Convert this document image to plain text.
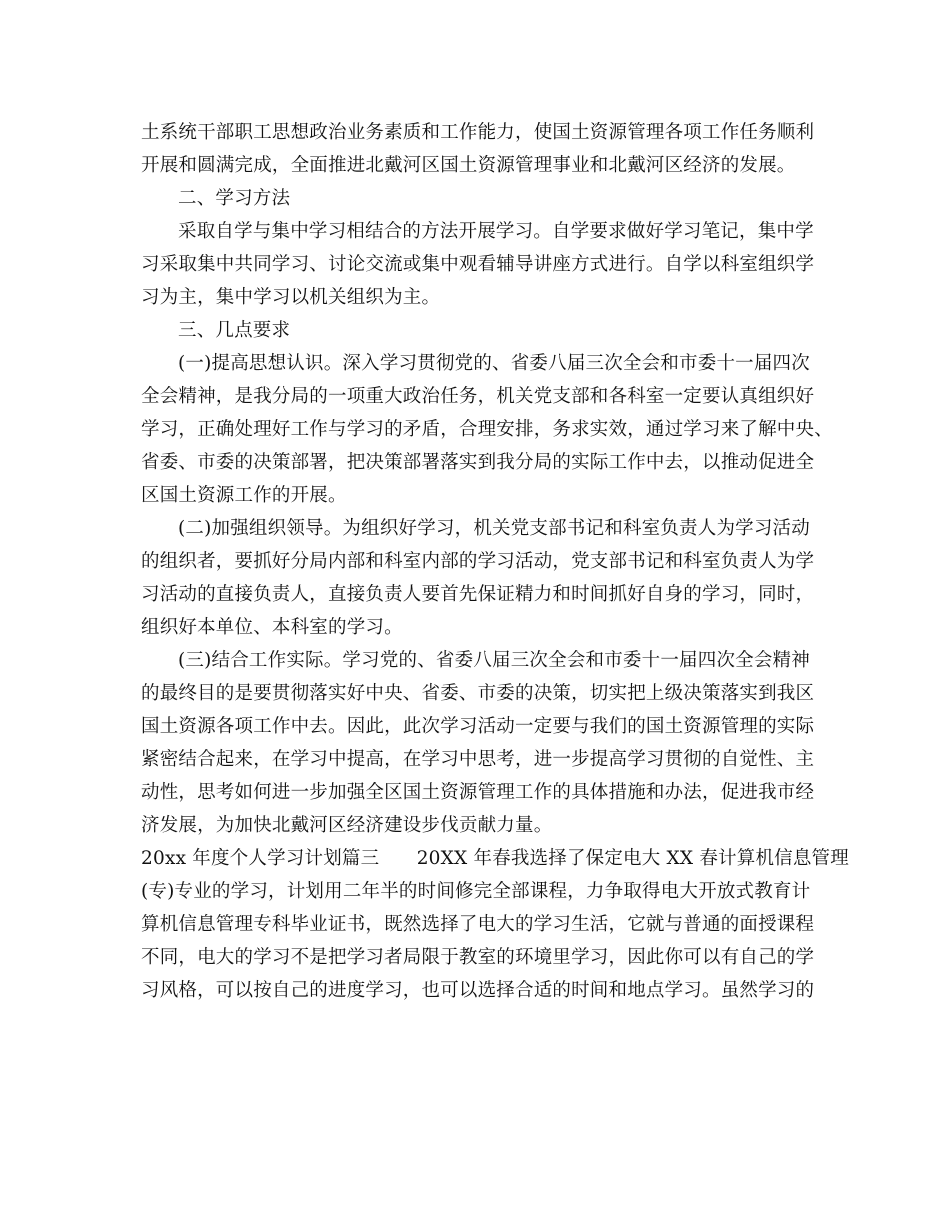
土系统干部职工思想政治业务素质和工作能力，使国土资源管理各项工作任务顺利
开展和圆满完成，全面推进北戴河区国土资源管理事业和北戴河区经济的发展。
二、学习方法
采取自学与集中学习相结合的方法开展学习。自学要求做好学习笔记，集中学
习采取集中共同学习、讨论交流或集中观看辅导讲座方式进行。自学以科室组织学
习为主，集中学习以机关组织为主。
三、几点要求
(一)提高思想认识。深入学习贯彻党的、省委八届三次全会和市委十一届四次
全会精神，是我分局的一项重大政治任务，机关党支部和各科室一定要认真组织好
学习，正确处理好工作与学习的矛盾，合理安排，务求实效，通过学习来了解中央、
省委、市委的决策部署，把决策部署落实到我分局的实际工作中去，以推动促进全
区国土资源工作的开展。
(二)加强组织领导。为组织好学习，机关党支部书记和科室负责人为学习活动
的组织者，要抓好分局内部和科室内部的学习活动，党支部书记和科室负责人为学
习活动的直接负责人，直接负责人要首先保证精力和时间抓好自身的学习，同时，
组织好本单位、本科室的学习。
(三)结合工作实际。学习党的、省委八届三次全会和市委十一届四次全会精神
的最终目的是要贯彻落实好中央、省委、市委的决策，切实把上级决策落实到我区
国土资源各项工作中去。因此，此次学习活动一定要与我们的国土资源管理的实际
紧密结合起来，在学习中提高，在学习中思考，进一步提高学习贯彻的自觉性、主
动性，思考如何进一步加强全区国土资源管理工作的具体措施和办法，促进我市经
济发展，为加快北戴河区经济建设步伐贡献力量。
20xx 年度个人学习计划篇三　　20XX 年春我选择了保定电大 XX 春计算机信息管理
(专)专业的学习，计划用二年半的时间修完全部课程，力争取得电大开放式教育计
算机信息管理专科毕业证书，既然选择了电大的学习生活，它就与普通的面授课程
不同，电大的学习不是把学习者局限于教室的环境里学习，因此你可以有自己的学
习风格，可以按自己的进度学习，也可以选择合适的时间和地点学习。虽然学习的
